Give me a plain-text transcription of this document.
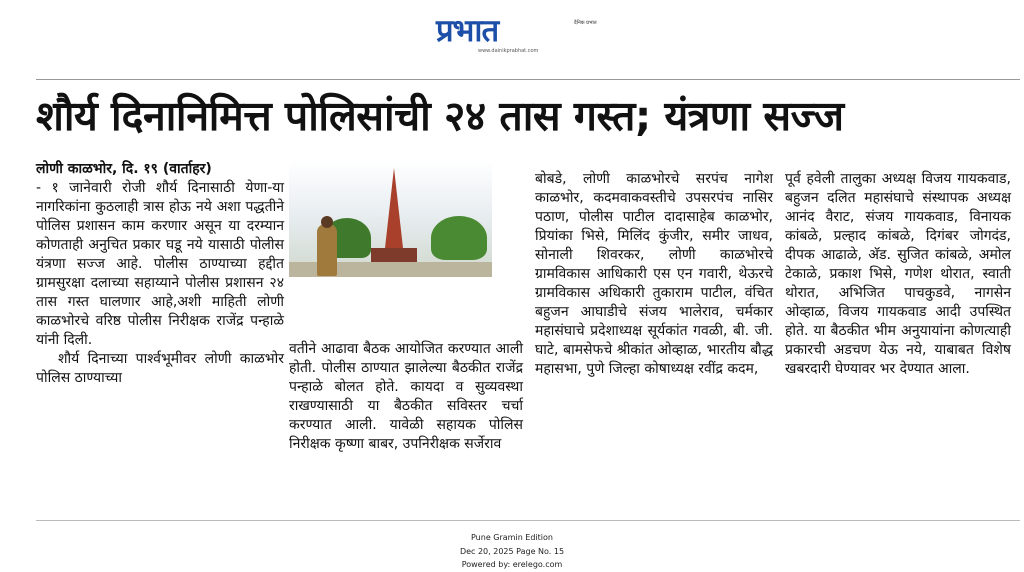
प्रभात	दैनिक प्रभात
www.dainikprabhat.com
शौर्य दिनानिमित्त पोलिसांची २४ तास गस्त; यंत्रणा सज्ज

लोणी काळभोर, दि. १९ (वार्ताहर)

- १ जानेवारी रोजी शौर्य दिनासाठी येणा-या नागरिकांना कुठलाही त्रास होऊ नये अशा पद्धतीने पोलिस प्रशासन काम करणार असून या दरम्यान कोणताही अनुचित प्रकार घडू नये यासाठी पोलीस यंत्रणा सज्ज आहे. पोलीस ठाण्याच्या हद्दीत ग्रामसुरक्षा दलाच्या सहाय्याने पोलीस प्रशासन २४ तास गस्त घालणार आहे,अशी माहिती लोणी काळभोरचे वरिष्ठ पोलीस निरीक्षक राजेंद्र पन्हाळे यांनी दिली.

शौर्य दिनाच्या पार्श्वभूमीवर लोणी काळभोर पोलिस ठाण्याच्या

वतीने आढावा बैठक आयोजित करण्यात आली होती. पोलीस ठाण्यात झालेल्या बैठकीत राजेंद्र पन्हाळे बोलत होते. कायदा व सुव्यवस्था राखण्यासाठी या बैठकीत सविस्तर चर्चा करण्यात आली. यावेळी सहायक पोलिस निरीक्षक कृष्णा बाबर, उपनिरीक्षक सर्जेराव

बोबडे, लोणी काळभोरचे सरपंच नागेश काळभोर, कदमवाकवस्तीचे उपसरपंच नासिर पठाण, पोलीस पाटील दादासाहेब काळभोर, प्रियांका भिसे, मिलिंद कुंजीर, समीर जाधव, सोनाली शिवरकर, लोणी काळभोरचे ग्रामविकास आधिकारी एस एन गवारी, थेऊरचे ग्रामविकास अधिकारी तुकाराम पाटील, वंचित बहुजन आघाडीचे संजय भालेराव, चर्मकार महासंघाचे प्रदेशाध्यक्ष सूर्यकांत गवळी, बी. जी. घाटे, बामसेफचे श्रीकांत ओव्हाळ, भारतीय बौद्ध महासभा, पुणे जिल्हा कोषाध्यक्ष रवींद्र कदम,

पूर्व हवेली तालुका अध्यक्ष विजय गायकवाड, बहुजन दलित महासंघाचे संस्थापक अध्यक्ष आनंद वैराट, संजय गायकवाड, विनायक कांबळे, प्रल्हाद कांबळे, दिगंबर जोगदंड, दीपक आढाळे, अ‍ॅड. सुजित कांबळे, अमोल टेकाळे, प्रकाश भिसे, गणेश थोरात, स्वाती थोरात, अभिजित पाचकुडवे, नागसेन ओव्हाळ, विजय गायकवाड आदी उपस्थित होते. या बैठकीत भीम अनुयायांना कोणत्याही प्रकारची अडचण येऊ नये, याबाबत विशेष खबरदारी घेण्यावर भर देण्यात आला.

Pune Gramin Edition
Dec 20, 2025 Page No. 15
Powered by: erelego.com
